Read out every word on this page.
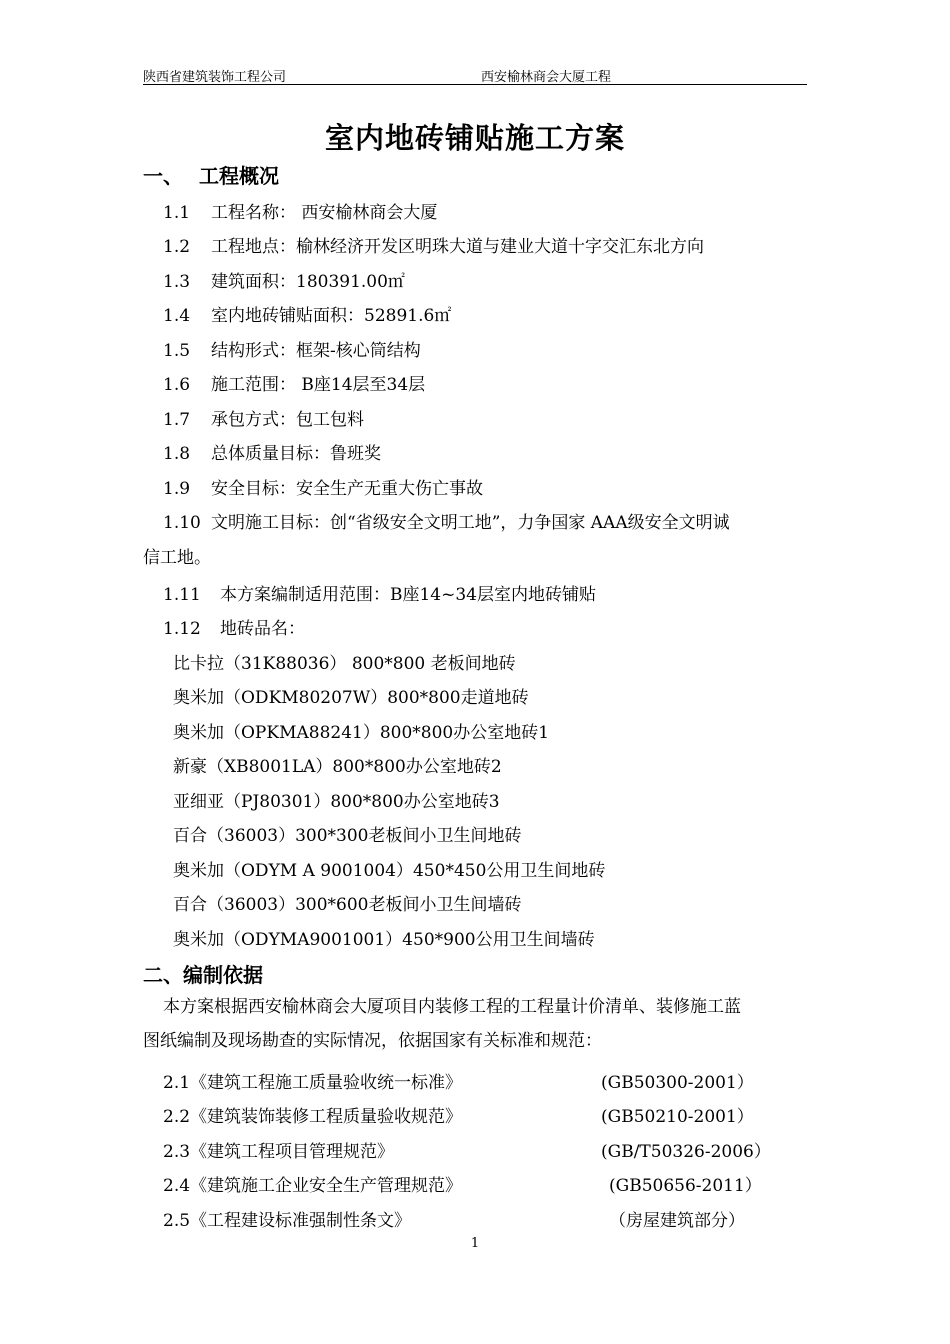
陕西省建筑装饰工程公司	西安榆林商会大厦工程
室内地砖铺贴施工方案
一、 工程概况
1.1 工程名称： 西安榆林商会大厦
1.2 工程地点：榆林经济开发区明珠大道与建业大道十字交汇东北方向
1.3 建筑面积：180391.00㎡
1.4 室内地砖铺贴面积：52891.6㎡
1.5 结构形式：框架-核心筒结构
1.6 施工范围： B座14层至34层
1.7 承包方式：包工包料
1.8 总体质量目标：鲁班奖
1.9 安全目标：安全生产无重大伤亡事故
1.10 文明施工目标：创“省级安全文明工地”，力争国家 AAA级安全文明诚
信工地。
1.11 本方案编制适用范围：B座14~34层室内地砖铺贴
1.12 地砖品名：
比卡拉（31K88036） 800*800 老板间地砖
奥米加（ODKM80207W）800*800走道地砖
奥米加（OPKMA88241）800*800办公室地砖1
新豪（XB8001LA）800*800办公室地砖2
亚细亚（PJ80301）800*800办公室地砖3
百合（36003）300*300老板间小卫生间地砖
奥米加（ODYM A 9001004）450*450公用卫生间地砖
百合（36003）300*600老板间小卫生间墙砖
奥米加（ODYMA9001001）450*900公用卫生间墙砖
二、编制依据
本方案根据西安榆林商会大厦项目内装修工程的工程量计价清单、装修施工蓝
图纸编制及现场勘查的实际情况，依据国家有关标准和规范：
2.1《建筑工程施工质量验收统一标准》	(GB50300-2001）
2.2《建筑装饰装修工程质量验收规范》	(GB50210-2001）
2.3《建筑工程项目管理规范》	(GB/T50326-2006）
2.4《建筑施工企业安全生产管理规范》	(GB50656-2011）
2.5《工程建设标准强制性条文》	（房屋建筑部分）
1
